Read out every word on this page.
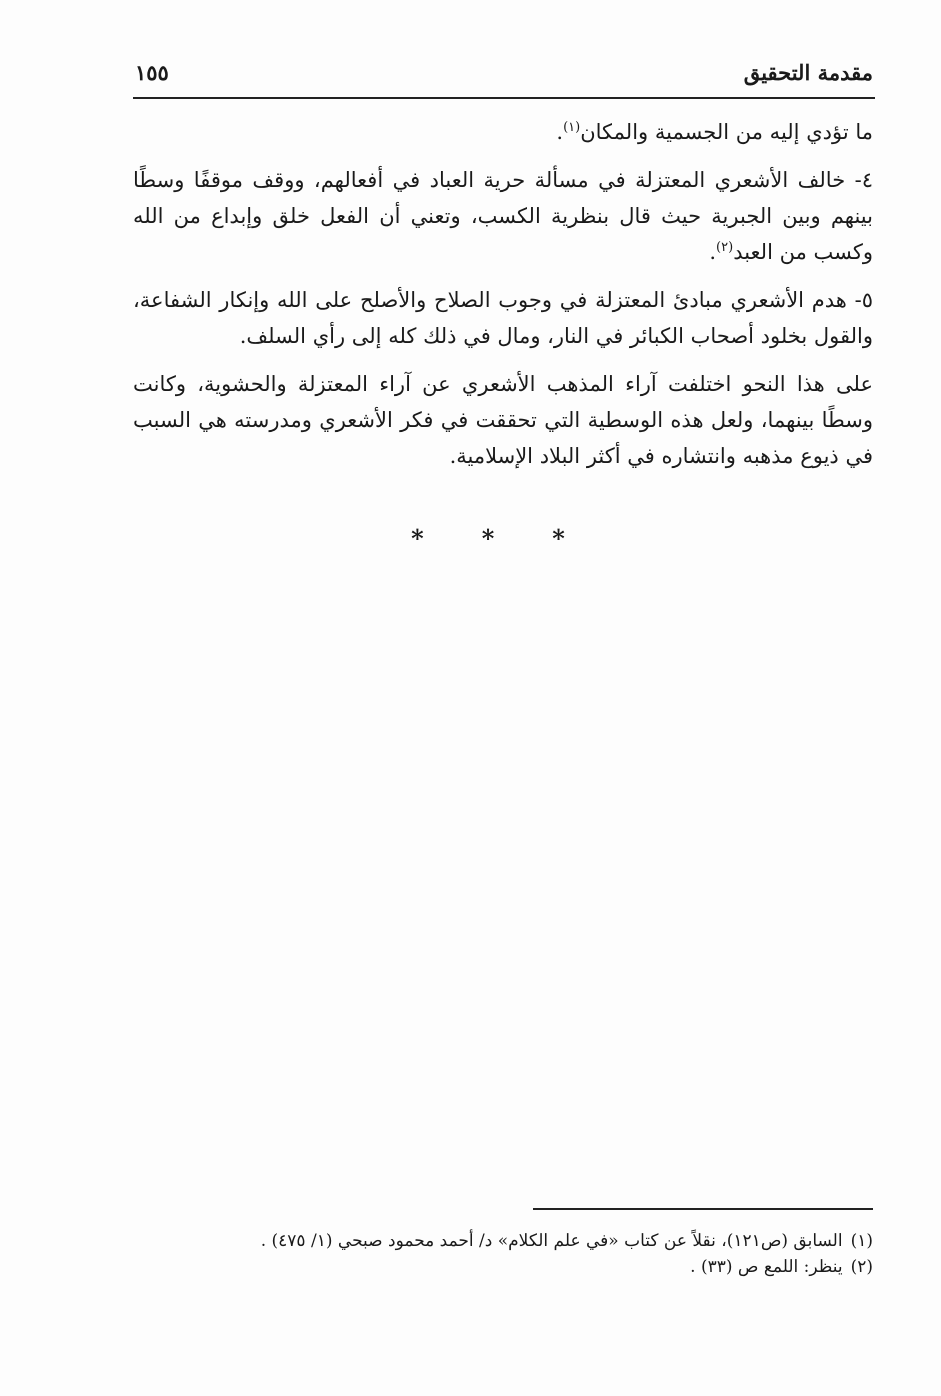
مقدمة التحقيق
١٥٥

ما تؤدي إليه من الجسمية والمكان$^{(١)}$.

٤- خالف الأشعري المعتزلة في مسألة حرية العباد في أفعالهم، ووقف موقفًا وسطًا بينهم وبين الجبرية حيث قال بنظرية الكسب، وتعني أن الفعل خلق وإبداع من الله وكسب من العبد$^{(٢)}$.

٥- هدم الأشعري مبادئ المعتزلة في وجوب الصلاح والأصلح على الله وإنكار الشفاعة، والقول بخلود أصحاب الكبائر في النار، ومال في ذلك كله إلى رأي السلف.

على هذا النحو اختلفت آراء المذهب الأشعري عن آراء المعتزلة والحشوية، وكانت وسطًا بينهما، ولعل هذه الوسطية التي تحققت في فكر الأشعري ومدرسته هي السبب في ذيوع مذهبه وانتشاره في أكثر البلاد الإسلامية.

***

(١)السابق (ص١٢١)، نقلاً عن كتاب «في علم الكلام» د/ أحمد محمود صبحي (١/ ٤٧٥) .

(٢)ينظر: اللمع ص (٣٣) .
